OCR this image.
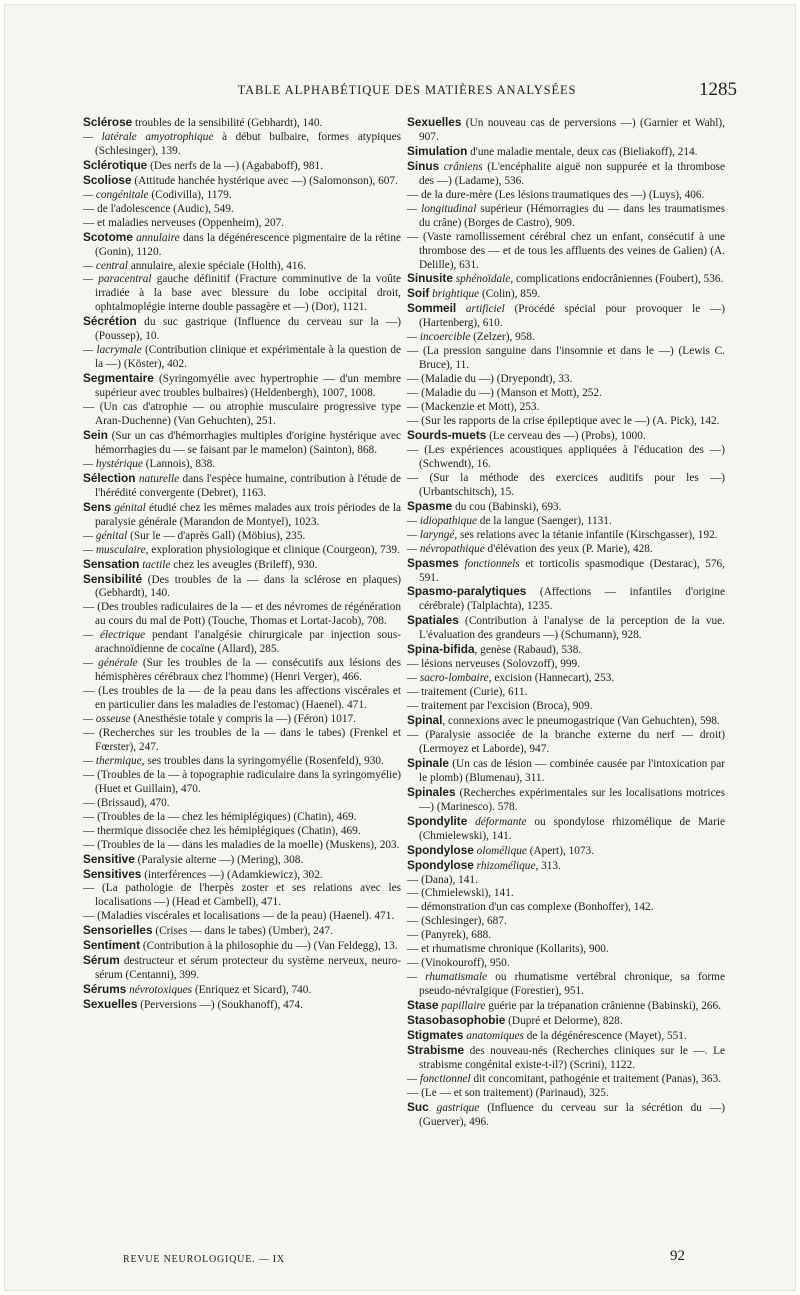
TABLE ALPHABÉTIQUE DES MATIÈRES ANALYSÉES	1285
Sclérose troubles de la sensibilité (Gebhardt), 140.
— latérale amyotrophique à début bulbaire, formes atypiques (Schlesinger), 139.
Sclérotique (Des nerfs de la —) (Agababoff), 981.
Scoliose (Attitude hanchée hystérique avec —) (Salomonson), 607.
— congénitale (Codivilla), 1179.
— de l'adolescence (Audic), 549.
— et maladies nerveuses (Oppenheim), 207.
Scotome annulaire dans la dégénérescence pigmentaire de la rétine (Gonin), 1120.
— central annulaire, alexie spéciale (Holth), 416.
— paracentral gauche définitif (Fracture comminutive de la voûte irradiée à la base avec blessure du lobe occipital droit, ophtalmoplégie interne double passagère et —) (Dor), 1121.
Sécrétion du suc gastrique (Influence du cerveau sur la —) (Poussep), 10.
— lacrymale (Contribution clinique et expérimentale à la question de la —) (Köster), 402.
Segmentaire (Syringomyélie avec hypertrophie — d'un membre supérieur avec troubles bulbaires) (Heldenbergh), 1007, 1008.
— (Un cas d'atrophie — ou atrophie musculaire progressive type Aran-Duchenne) (Van Gehuchten), 251.
Sein (Sur un cas d'hémorrhagies multiples d'origine hystérique avec hémorrhagies du — se faisant par le mamelon) (Sainton), 868.
— hystérique (Lannois), 838.
Sélection naturelle dans l'espèce humaine, contribution à l'étude de l'hérédité convergente (Debret), 1163.
Sens génital étudié chez les mêmes malades aux trois périodes de la paralysie générale (Marandon de Montyel), 1023.
— génital (Sur le — d'après Gall) (Möbius), 235.
— musculaire, exploration physiologique et clinique (Courgeon), 739.
Sensation tactile chez les aveugles (Brileff), 930.
Sensibilité (Des troubles de la — dans la sclérose en plaques) (Gebhardt), 140.
— (Des troubles radiculaires de la — et des névromes de régénération au cours du mal de Pott) (Touche, Thomas et Lortat-Jacob), 708.
— électrique pendant l'analgésie chirurgicale par injection sous-arachnoïdienne de cocaïne (Allard), 285.
— générale (Sur les troubles de la — consécutifs aux lésions des hémisphères cérébraux chez l'homme) (Henri Verger), 466.
— (Les troubles de la — de la peau dans les affections viscérales et en particulier dans les maladies de l'estomac) (Haenel). 471.
— osseuse (Anesthésie totale y compris la —) (Féron) 1017.
— (Recherches sur les troubles de la — dans le tabes) (Frenkel et Fœrster), 247.
— thermique, ses troubles dans la syringomyélie (Rosenfeld), 930.
— (Troubles de la — à topographie radiculaire dans la syringomyélie) (Huet et Guillain), 470.
— (Brissaud), 470.
— (Troubles de la — chez les hémiplégiques) (Chatin), 469.
— thermique dissociée chez les hémiplégiques (Chatin), 469.
— (Troubles de la — dans les maladies de la moelle) (Muskens), 203.
Sensitive (Paralysie alterne —) (Mering), 308.
Sensitives (interférences —) (Adamkiewicz), 302.
— (La pathologie de l'herpès zoster et ses relations avec les localisations —) (Head et Cambell), 471.
— (Maladies viscérales et localisations — de la peau) (Haenel). 471.
Sensorielles (Crises — dans le tabes) (Umber), 247.
Sentiment (Contribution à la philosophie du —) (Van Feldegg), 13.
Sérum destructeur et sérum protecteur du système nerveux, neuro-sérum (Centanni), 399.
Sérums névrotoxiques (Enriquez et Sicard), 740.
Sexuelles (Perversions —) (Soukhanoff), 474.
Sexuelles (Un nouveau cas de perversions —) (Garnier et Wahl), 907.
Simulation d'une maladie mentale, deux cas (Bieliakoff), 214.
Sinus crâniens (L'encéphalite aiguë non suppurée et la thrombose des —) (Ladame), 536.
— de la dure-mère (Les lésions traumatiques des —) (Luys), 406.
— longitudinal supérieur (Hémorragies du — dans les traumatismes du crâne) (Borges de Castro), 909.
— (Vaste ramollissement cérébral chez un enfant, consécutif à une thrombose des — et de tous les affluents des veines de Galien) (A. Delille), 631.
Sinusite sphénoïdale, complications endocrâniennes (Foubert), 536.
Soif brightique (Colin), 859.
Sommeil artificiel (Procédé spécial pour provoquer le —) (Hartenberg), 610.
— incoercible (Zelzer), 958.
— (La pression sanguine dans l'insomnie et dans le —) (Lewis C. Bruce), 11.
— (Maladie du —) (Dryepondt), 33.
— (Maladie du —) (Manson et Mott), 252.
— (Mackenzie et Mott), 253.
— (Sur les rapports de la crise épileptique avec le —) (A. Pick), 142.
Sourds-muets (Le cerveau des —) (Probs), 1000.
— (Les expériences acoustiques appliquées à l'éducation des —) (Schwendt), 16.
— (Sur la méthode des exercices auditifs pour les —) (Urbantschitsch), 15.
Spasme du cou (Babinski), 693.
— idiopathique de la langue (Saenger), 1131.
— laryngé, ses relations avec la tétanie infantile (Kirschgasser), 192.
— névropathique d'élévation des yeux (P. Marie), 428.
Spasmes fonctionnels et torticolis spasmodique (Destarac), 576, 591.
Spasmo-paralytiques (Affections — infantiles d'origine cérébrale) (Talplachta), 1235.
Spatiales (Contribution à l'analyse de la perception de la vue. L'évaluation des grandeurs —) (Schumann), 928.
Spina-bifida, genèse (Rabaud), 538.
— lésions nerveuses (Solovzoff), 999.
— sacro-lombaire, excision (Hannecart), 253.
— traitement (Curie), 611.
— traitement par l'excision (Broca), 909.
Spinal, connexions avec le pneumogastrique (Van Gehuchten), 598.
— (Paralysie associée de la branche externe du nerf — droit) (Lermoyez et Laborde), 947.
Spinale (Un cas de lésion — combinée causée par l'intoxication par le plomb) (Blumenau), 311.
Spinales (Recherches expérimentales sur les localisations motrices —) (Marinesco). 578.
Spondylite déformante ou spondylose rhizomélique de Marie (Chmielewski), 141.
Spondylose olomélique (Apert), 1073.
Spondylose rhizomélique, 313.
— (Dana), 141.
— (Chmielewski), 141.
— démonstration d'un cas complexe (Bonhoffer), 142.
— (Schlesinger), 687.
— (Panyrek), 688.
— et rhumatisme chronique (Kollarits), 900.
— (Vinokouroff), 950.
— rhumatismale ou rhumatisme vertébral chronique, sa forme pseudo-névralgique (Forestier), 951.
Stase papillaire guérie par la trépanation crânienne (Babinski), 266.
Stasobasophobie (Dupré et Delorme), 828.
Stigmates anatomiques de la dégénérescence (Mayet), 551.
Strabisme des nouveau-nés (Recherches cliniques sur le —. Le strabisme congénital existe-t-il?) (Scrini), 1122.
— fonctionnel dit concomitant, pathogénie et traitement (Panas), 363.
— (Le — et son traitement) (Parinaud), 325.
Suc gastrique (Influence du cerveau sur la sécrétion du —) (Guerver), 496.
REVUE NEUROLOGIQUE. — IX	92
